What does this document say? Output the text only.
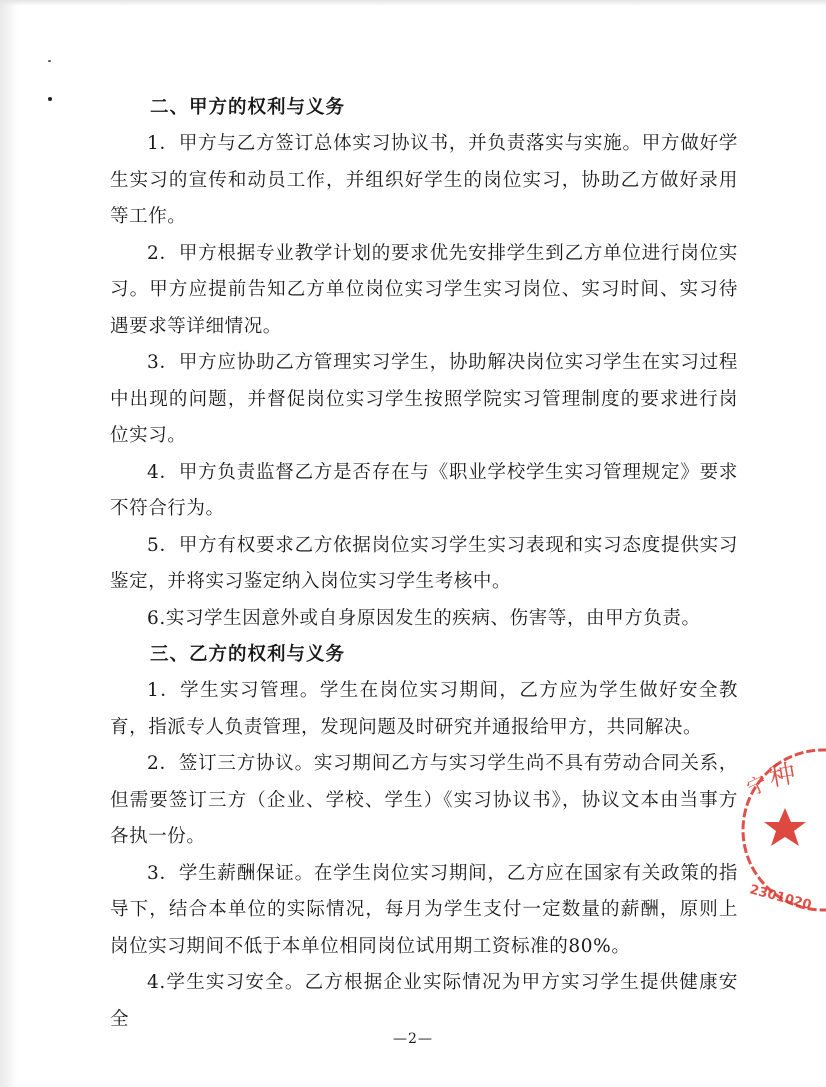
二、甲方的权利与义务

1．甲方与乙方签订总体实习协议书，并负责落实与实施。甲方做好学生实习的宣传和动员工作，并组织好学生的岗位实习，协助乙方做好录用等工作。

2．甲方根据专业教学计划的要求优先安排学生到乙方单位进行岗位实习。甲方应提前告知乙方单位岗位实习学生实习岗位、实习时间、实习待遇要求等详细情况。

3．甲方应协助乙方管理实习学生，协助解决岗位实习学生在实习过程中出现的问题，并督促岗位实习学生按照学院实习管理制度的要求进行岗位实习。

4．甲方负责监督乙方是否存在与《职业学校学生实习管理规定》要求不符合行为。

5．甲方有权要求乙方依据岗位实习学生实习表现和实习态度提供实习鉴定，并将实习鉴定纳入岗位实习学生考核中。

6.实习学生因意外或自身原因发生的疾病、伤害等，由甲方负责。

三、乙方的权利与义务

1．学生实习管理。学生在岗位实习期间，乙方应为学生做好安全教育，指派专人负责管理，发现问题及时研究并通报给甲方，共同解决。

2．签订三方协议。实习期间乙方与实习学生尚不具有劳动合同关系，但需要签订三方（企业、学校、学生）《实习协议书》，协议文本由当事方各执一份。

3．学生薪酬保证。在学生岗位实习期间，乙方应在国家有关政策的指导下，结合本单位的实际情况，每月为学生支付一定数量的薪酬，原则上岗位实习期间不低于本单位相同岗位试用期工资标准的80%。

4.学生实习安全。乙方根据企业实际情况为甲方实习学生提供健康安全

—2—
宁
种
2301020
